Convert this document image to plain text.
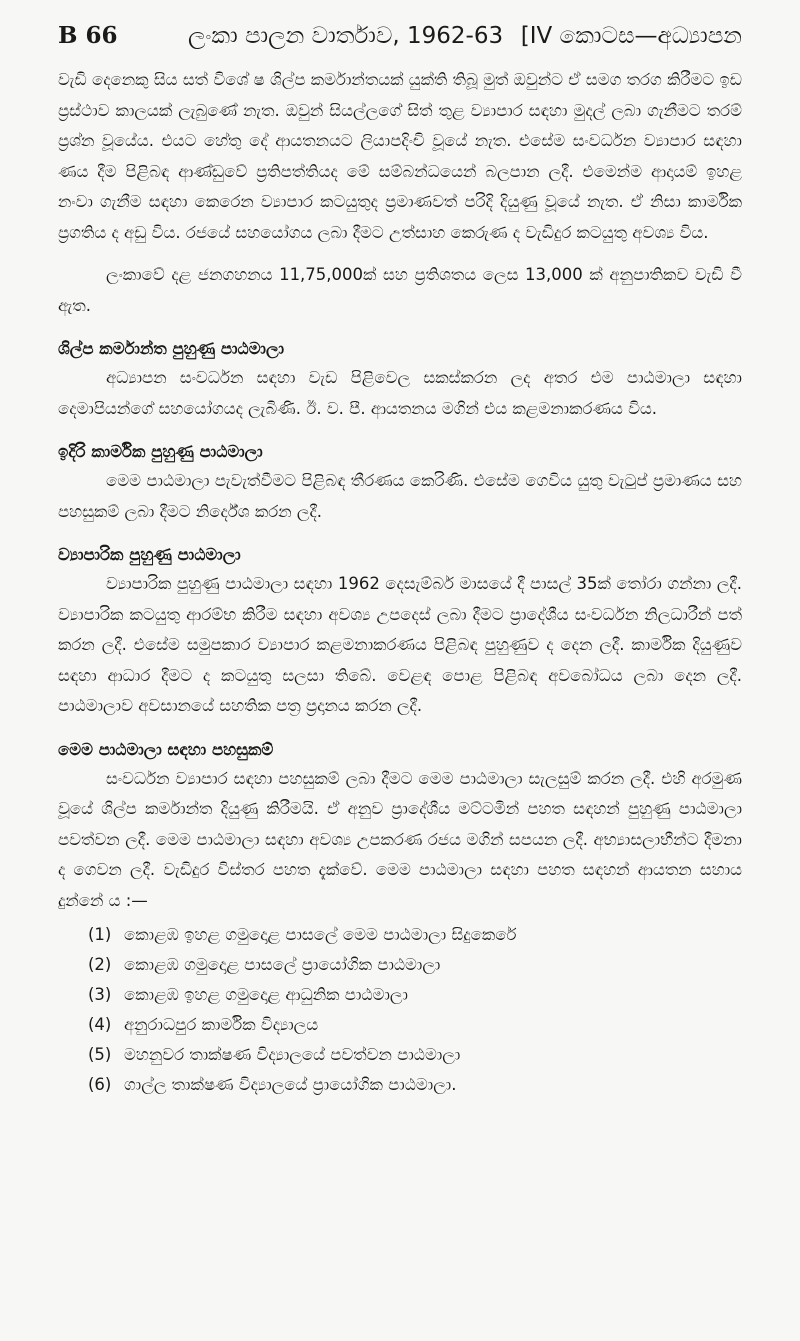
B 66	ලංකා පාලන වාර්තාව, 1962-63 [IV කොටස—අධ්‍යාපන

වැඩි දෙනෙකු සිය සත් විශේ ෂ ශිල්ප කර්මාන්තයක්‍ යුක්ති තිබූ මුත් ඔවුන්ට ඒ සමග තරග කිරීමට ඉඩ ප්‍රස්ථාව කාලයක් ලැබුණේ නැත. ඔවුන් සියල්ලගේ සිත් තුළ ව්‍යාපාර සඳහා මුදල් ලබා ගැනීමට තරම් ප්‍රශ්න වූයේය. එයට හේතු දේ ආයතනයට ලියාපදිංචි වූයේ නැත. එසේම සංවර්ධන ව්‍යාපාර සඳහා ණය දීම පිළිබඳ ආණ්ඩුවේ ප්‍රතිපත්තියද මේ සම්බන්ධයෙන් බලපාන ලදී. එමෙන්ම ආදායම් ඉහළ නංවා ගැනීම සඳහා කෙරෙන ව්‍යාපාර කටයුතුද ප්‍රමාණවත් පරිදි දියුණු වූයේ නැත. ඒ නිසා කාර්මික ප්‍රගතිය ද අඩු විය. රජයේ සහයෝගය ලබා දීමට උත්සාහ කෙරුණ ද වැඩිදුර කටයුතු අවශ්‍ය විය.

ලංකාවේ දළ ජනගහනය 11,75,000ක් සහ ප්‍රතිශතය ලෙස 13,000 ක් අනුපාතිකව වැඩි වී ඇත.

ශිල්ප කර්මාන්ත පුහුණු පාඨමාලා

අධ්‍යාපන සංවර්ධන සඳහා වැඩ පිළිවෙල සකස්කරන ලද අතර එම පාඨමාලා සඳහා දෙමාපියන්ගේ සහයෝගයද ලැබිණි. ඊ. ව. පී. ආයතනය මගින් එය කළමනාකරණය විය.

ඉදිරි කාර්මික පුහුණු පාඨමාලා

මෙම පාඨමාලා පැවැත්වීමට පිළිබඳ තීරණය කෙරිණි. එසේම ගෙවිය යුතු වැටුප් ප්‍රමාණය සහ පහසුකම් ලබා දීමට නිර්දේශ කරන ලදී.

ව්‍යාපාරික පුහුණු පාඨමාලා

ව්‍යාපාරික පුහුණු පාඨමාලා සඳහා 1962 දෙසැම්බර් මාසයේ දී පාසල් 35ක් තෝරා ගන්නා ලදී. ව්‍යාපාරික කටයුතු ආරම්භ කිරීම සඳහා අවශ්‍ය උපදෙස් ලබා දීමට ප්‍රාදේශීය සංවර්ධන නිලධාරීන් පත් කරන ලදී. එසේම සමුපකාර ව්‍යාපාර කළමනාකරණය පිළිබඳ පුහුණුව ද දෙන ලදී. කාර්මික දියුණුව සඳහා ආධාර දීමට ද කටයුතු සලසා තිබේ. වෙළඳ පොළ පිළිබඳ අවබෝධය ලබා දෙන ලදී. පාඨමාලාව අවසානයේ සහතික පත්‍ර ප්‍රදානය කරන ලදී.

මෙම පාඨමාලා සඳහා පහසුකම්

සංවර්ධන ව්‍යාපාර සඳහා පහසුකම් ලබා දීමට මෙම පාඨමාලා සැලසුම් කරන ලදී. එහි අරමුණ වූයේ ශිල්ප කර්මාන්ත දියුණු කිරීමයි. ඒ අනුව ප්‍රාදේශීය මට්ටමින් පහත සඳහන් පුහුණු පාඨමාලා පවත්වන ලදී. මෙම පාඨමාලා සඳහා අවශ්‍ය උපකරණ රජය මගින් සපයන ලදී. අභ්‍යාසලාභීන්ට දීමනා ද ගෙවන ලදී. වැඩිදුර විස්තර පහත දැක්වේ. මෙම පාඨමාලා සඳහා පහත සඳහන් ආයතන සහාය දුන්නේ ය :—

(1) කොළඹ ඉහළ ගමුදොළ පාසලේ මෙම පාඨමාලා සිදුකෙරේ
(2) කොළඹ ගමුදොළ පාසලේ ප්‍රායෝගික පාඨමාලා
(3) කොළඹ ඉහළ ගමුදොළ ආධුනික පාඨමාලා
(4) අනුරාධපුර කාර්මික විද්‍යාලය
(5) මහනුවර තාක්ෂණ විද්‍යාලයේ පවත්වන පාඨමාලා
(6) ගාල්ල තාක්ෂණ විද්‍යාලයේ ප්‍රායෝගික පාඨමාලා.
